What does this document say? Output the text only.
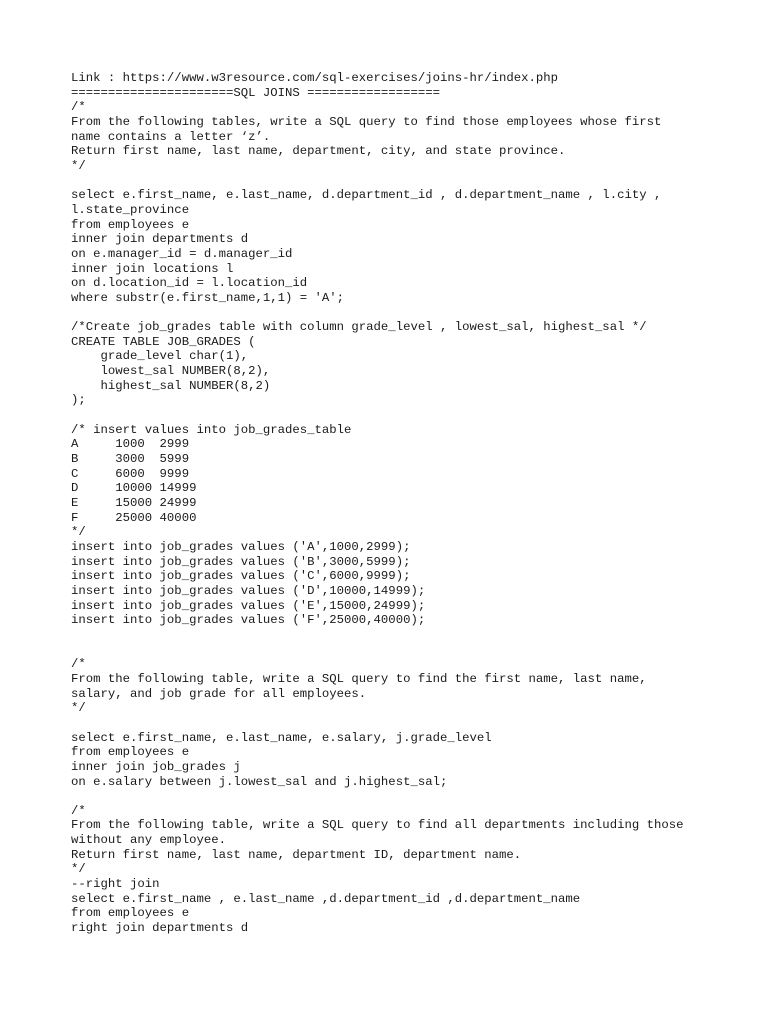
Link : https://www.w3resource.com/sql-exercises/joins-hr/index.php
======================SQL JOINS ==================
/*
From the following tables, write a SQL query to find those employees whose first
name contains a letter ‘z’.
Return first name, last name, department, city, and state province.
*/
select e.first_name, e.last_name, d.department_id , d.department_name , l.city ,
l.state_province
from employees e
inner join departments d
on e.manager_id = d.manager_id
inner join locations l
on d.location_id = l.location_id
where substr(e.first_name,1,1) = 'A';
/*Create job_grades table with column grade_level , lowest_sal, highest_sal */
CREATE TABLE JOB_GRADES (
grade_level char(1),
lowest_sal NUMBER(8,2),
highest_sal NUMBER(8,2)
);
/* insert values into job_grades_table
A     1000  2999
B     3000  5999
C     6000  9999
D     10000 14999
E     15000 24999
F     25000 40000
*/
insert into job_grades values ('A',1000,2999);
insert into job_grades values ('B',3000,5999);
insert into job_grades values ('C',6000,9999);
insert into job_grades values ('D',10000,14999);
insert into job_grades values ('E',15000,24999);
insert into job_grades values ('F',25000,40000);
/*
From the following table, write a SQL query to find the first name, last name,
salary, and job grade for all employees.
*/
select e.first_name, e.last_name, e.salary, j.grade_level
from employees e
inner join job_grades j
on e.salary between j.lowest_sal and j.highest_sal;
/*
From the following table, write a SQL query to find all departments including those
without any employee.
Return first name, last name, department ID, department name.
*/
--right join
select e.first_name , e.last_name ,d.department_id ,d.department_name
from employees e
right join departments d
